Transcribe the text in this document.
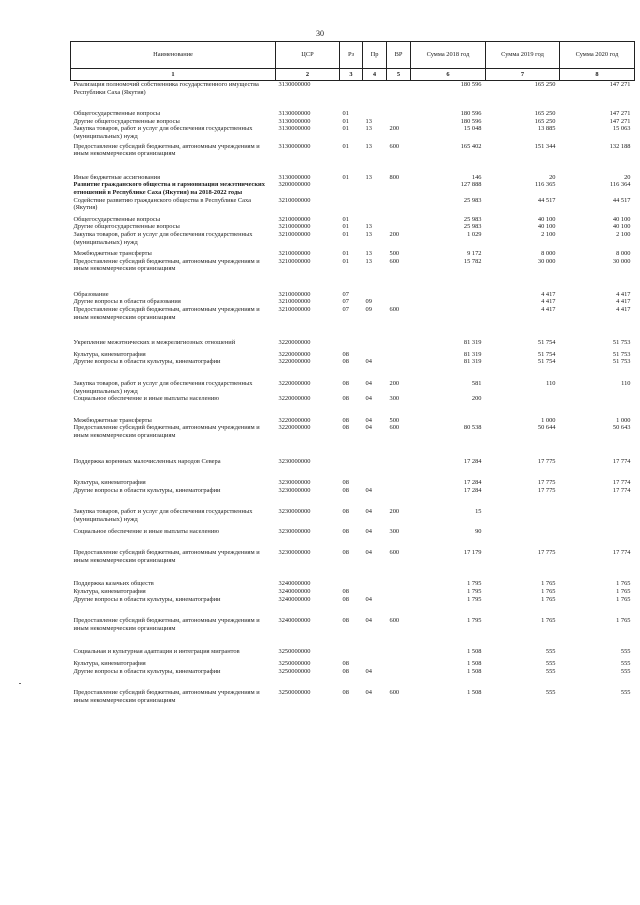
30
Наименование	ЦСР	Рз	Пр	ВР	Сумма 2018 год	Сумма 2019 год	Сумма 2020 год
1	2	3	4	5	6	7	8
Реализация полномочий собственника государственного имущества Республики Саха (Якутия)	3130000000				180 596	165 250	147 271
Общегосударственные вопросы	3130000000	01			180 596	165 250	147 271
Другие общегосударственные вопросы	3130000000	01	13		180 596	165 250	147 271
Закупка товаров, работ и услуг для обеспечения государственных (муниципальных) нужд	3130000000	01	13	200	15 048	13 885	15 063
Предоставление субсидий бюджетным, автономным учреждениям и иным некоммерческим организациям	3130000000	01	13	600	165 402	151 344	132 188
Иные бюджетные ассигнования	3130000000	01	13	800	146	20	20
Развитие гражданского общества и гармонизация межэтнических отношений в Республике Саха (Якутия) на 2018-2022 годы	3200000000				127 888	116 365	116 364
Содействие развитию гражданского общества в Республике Саха (Якутия)	3210000000				25 983	44 517	44 517
Общегосударственные вопросы	3210000000	01			25 983	40 100	40 100
Другие общегосударственные вопросы	3210000000	01	13		25 983	40 100	40 100
Закупка товаров, работ и услуг для обеспечения государственных (муниципальных) нужд	3210000000	01	13	200	1 029	2 100	2 100
Межбюджетные трансферты	3210000000	01	13	500	9 172	8 000	8 000
Предоставление субсидий бюджетным, автономным учреждениям и иным некоммерческим организациям	3210000000	01	13	600	15 782	30 000	30 000
Образование	3210000000	07				4 417	4 417
Другие вопросы в области образования	3210000000	07	09			4 417	4 417
Предоставление субсидий бюджетным, автономным учреждениям и иным некоммерческим организациям	3210000000	07	09	600		4 417	4 417
Укрепление межэтнических и межрелигиозных отношений	3220000000				81 319	51 754	51 753
Культура, кинематография	3220000000	08			81 319	51 754	51 753
Другие вопросы в области культуры, кинематографии	3220000000	08	04		81 319	51 754	51 753
Закупка товаров, работ и услуг для обеспечения государственных (муниципальных) нужд	3220000000	08	04	200	581	110	110
Социальное обеспечение и иные выплаты населению	3220000000	08	04	300	200		
Межбюджетные трансферты	3220000000	08	04	500		1 000	1 000
Предоставление субсидий бюджетным, автономным учреждениям и иным некоммерческим организациям	3220000000	08	04	600	80 538	50 644	50 643
Поддержка коренных малочисленных народов Севера	3230000000				17 284	17 775	17 774
Культура, кинематография	3230000000	08			17 284	17 775	17 774
Другие вопросы в области культуры, кинематографии	3230000000	08	04		17 284	17 775	17 774
Закупка товаров, работ и услуг для обеспечения государственных (муниципальных) нужд	3230000000	08	04	200	15		
Социальное обеспечение и иные выплаты населению	3230000000	08	04	300	90		
Предоставление субсидий бюджетным, автономным учреждениям и иным некоммерческим организациям	3230000000	08	04	600	17 179	17 775	17 774
Поддержка казачьих обществ	3240000000				1 795	1 765	1 765
Культура, кинематография	3240000000	08			1 795	1 765	1 765
Другие вопросы в области культуры, кинематографии	3240000000	08	04		1 795	1 765	1 765
Предоставление субсидий бюджетным, автономным учреждениям и иным некоммерческим организациям	3240000000	08	04	600	1 795	1 765	1 765
Социальная и культурная адаптация и интеграция мигрантов	3250000000				1 508	555	555
Культура, кинематография	3250000000	08			1 508	555	555
Другие вопросы в области культуры, кинематографии	3250000000	08	04		1 508	555	555
Предоставление субсидий бюджетным, автономным учреждениям и иным некоммерческим организациям	3250000000	08	04	600	1 508	555	555
